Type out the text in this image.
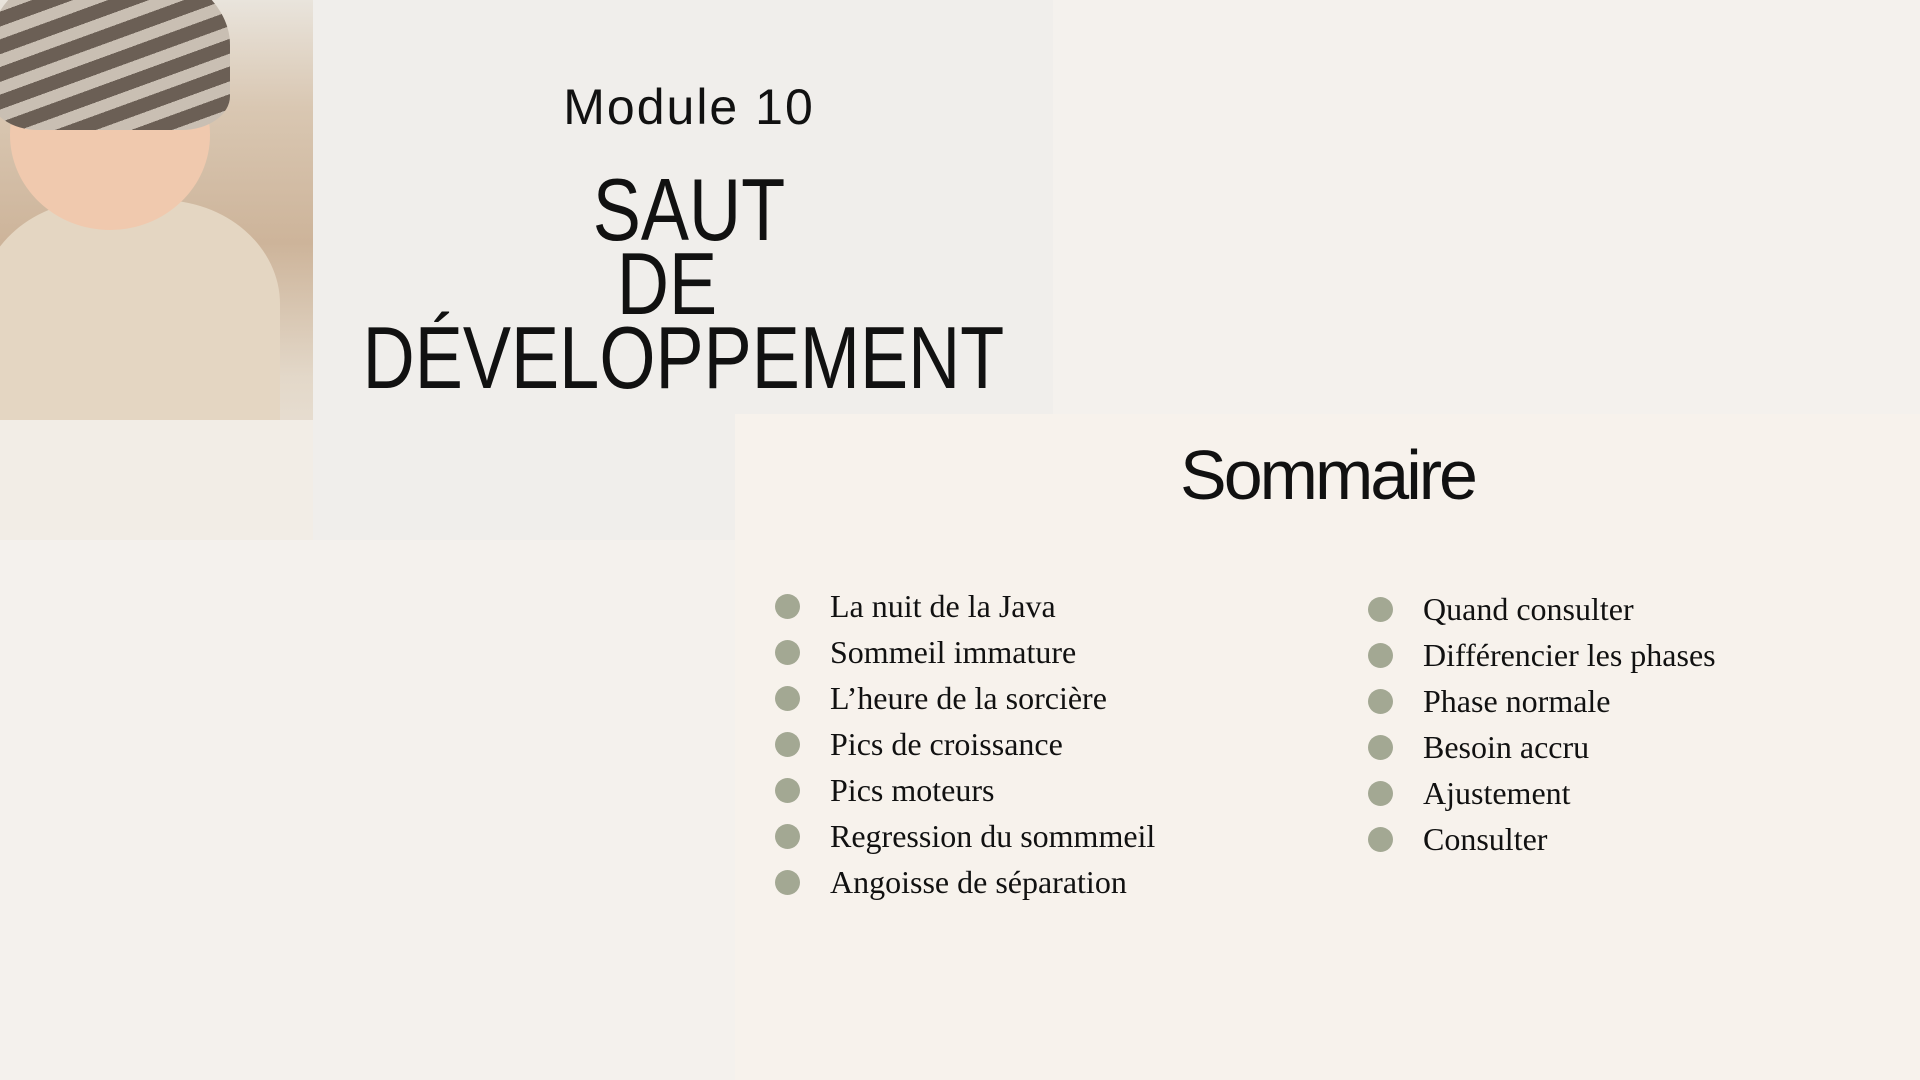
Module 10
SAUT
DE
DÉVELOPPEMENT
Sommaire
La nuit de la Java
Sommeil immature
L’heure de la sorcière
Pics de croissance
Pics moteurs
Regression du sommmeil
Angoisse de séparation
Quand consulter
Différencier les phases
Phase normale
Besoin accru
Ajustement
Consulter
